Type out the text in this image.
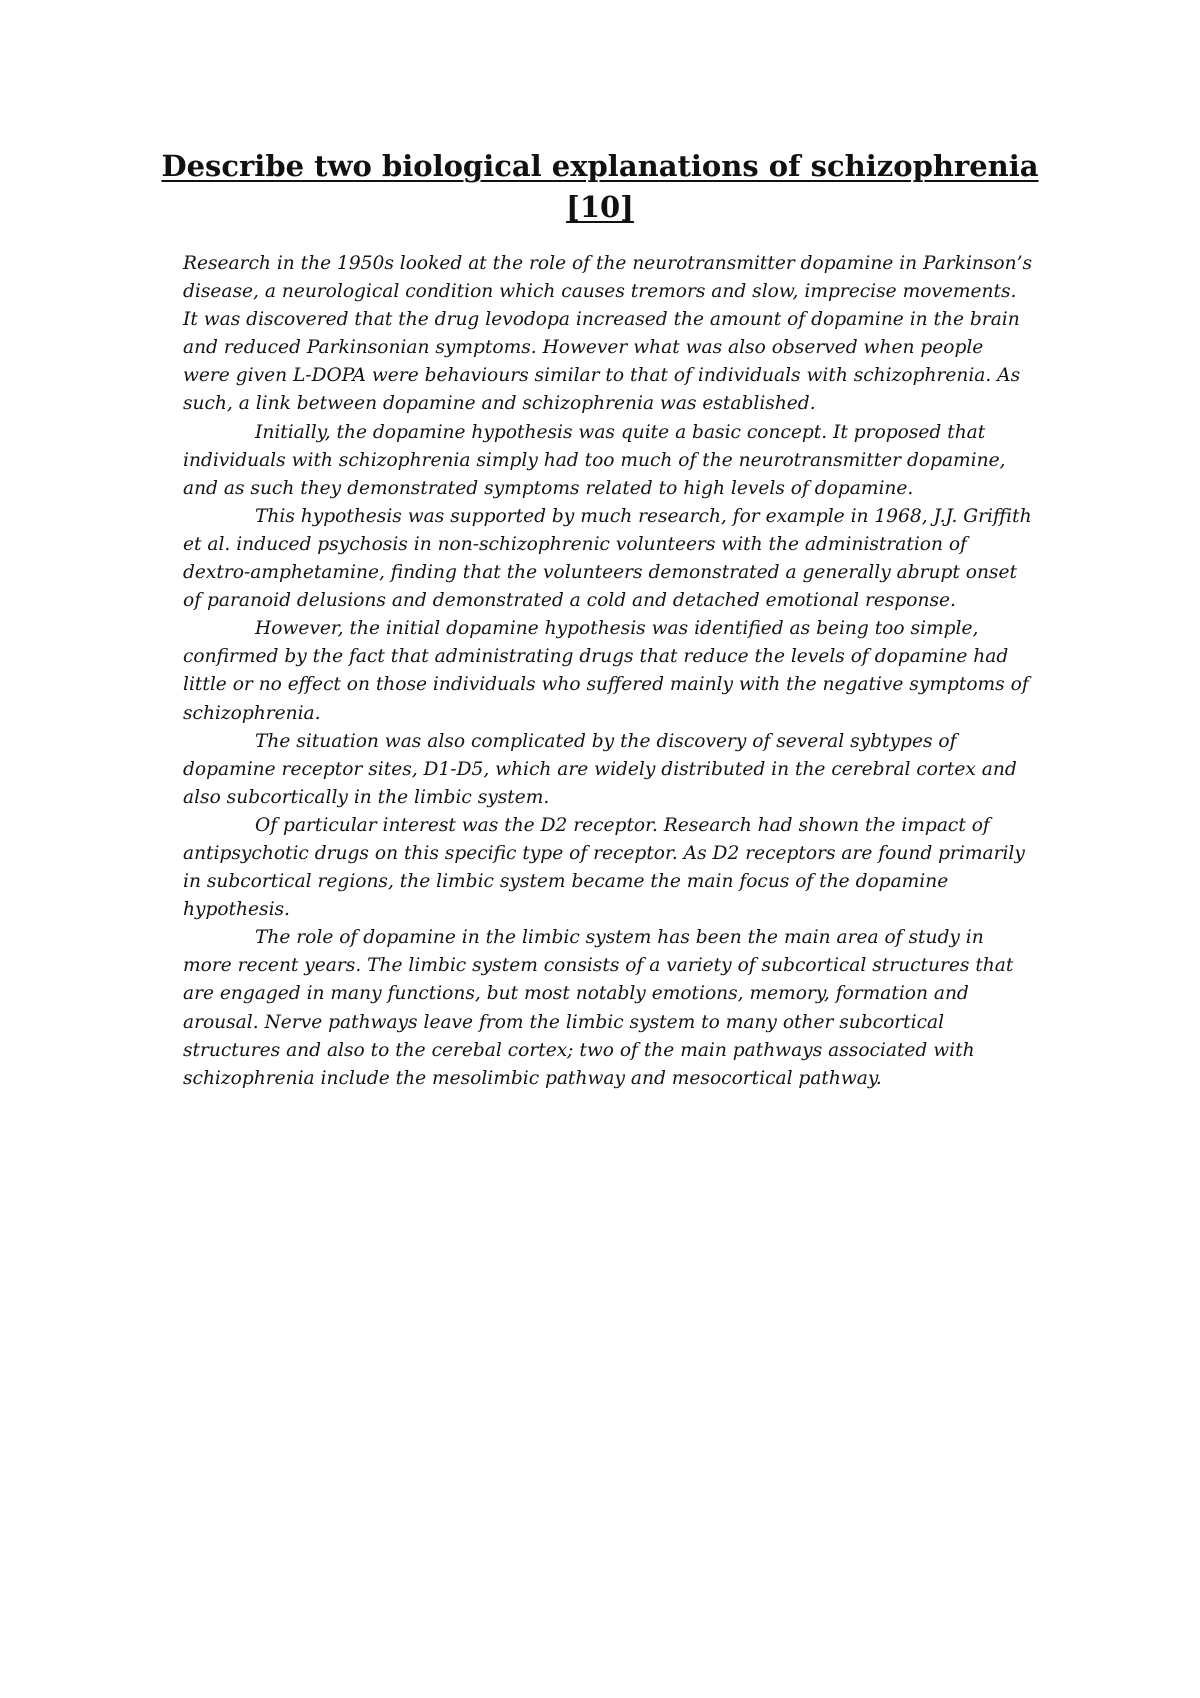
Describe two biological explanations of schizophrenia
[10]

Research in the 1950s looked at the role of the neurotransmitter dopamine in Parkinson’s disease, a neurological condition which causes tremors and slow, imprecise movements. It was discovered that the drug levodopa increased the amount of dopamine in the brain and reduced Parkinsonian symptoms. However what was also observed when people were given L-DOPA were behaviours similar to that of individuals with schizophrenia. As such, a link between dopamine and schizophrenia was established.

Initially, the dopamine hypothesis was quite a basic concept. It proposed that individuals with schizophrenia simply had too much of the neurotransmitter dopamine, and as such they demonstrated symptoms related to high levels of dopamine.

This hypothesis was supported by much research, for example in 1968, J.J. Griffith et al. induced psychosis in non-schizophrenic volunteers with the administration of dextro-amphetamine, finding that the volunteers demonstrated a generally abrupt onset of paranoid delusions and demonstrated a cold and detached emotional response.

However, the initial dopamine hypothesis was identified as being too simple, confirmed by the fact that administrating drugs that reduce the levels of dopamine had little or no effect on those individuals who suffered mainly with the negative symptoms of schizophrenia.

The situation was also complicated by the discovery of several sybtypes of dopamine receptor sites, D1-D5, which are widely distributed in the cerebral cortex and also subcortically in the limbic system.

Of particular interest was the D2 receptor. Research had shown the impact of antipsychotic drugs on this specific type of receptor. As D2 receptors are found primarily in subcortical regions, the limbic system became the main focus of the dopamine hypothesis.

The role of dopamine in the limbic system has been the main area of study in more recent years. The limbic system consists of a variety of subcortical structures that are engaged in many functions, but most notably emotions, memory, formation and arousal. Nerve pathways leave from the limbic system to many other subcortical structures and also to the cerebal cortex; two of the main pathways associated with schizophrenia include the mesolimbic pathway and mesocortical pathway.
